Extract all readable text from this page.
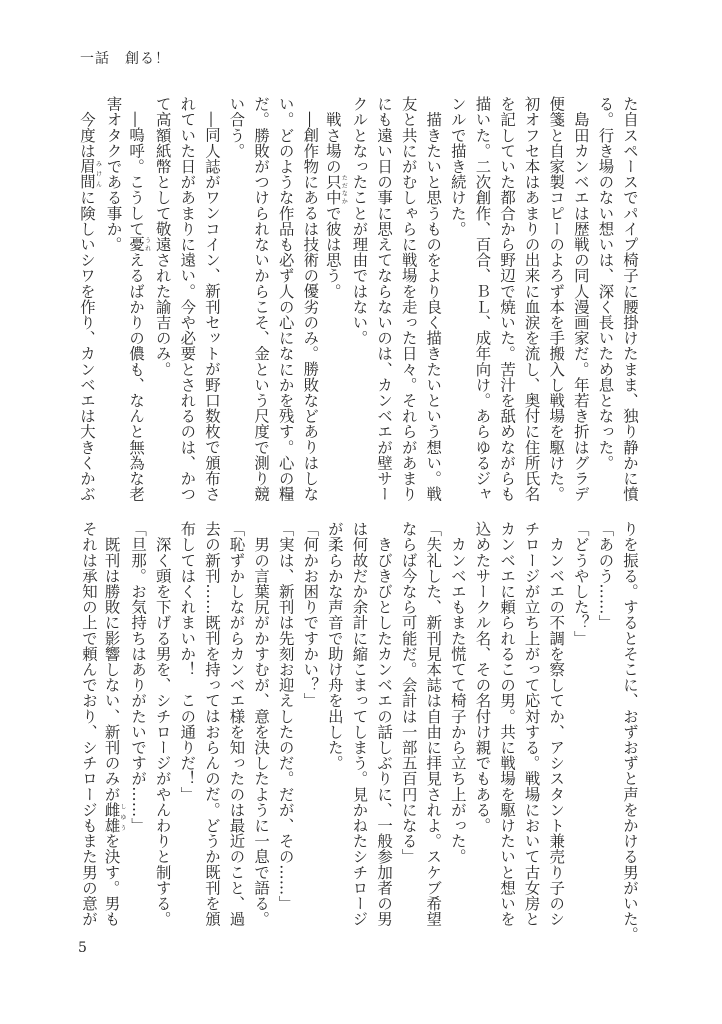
一話　創る！
た自スペースでパイプ椅子に腰掛けたまま、独り静かに憤
る。行き場のない想いは、深く長いため息となった。
　島田カンベエは歴戦の同人漫画家だ。年若き折はグラデ
便箋と自家製コピーのよろず本を手搬入し戦場を駆けた。
初オフセ本はあまりの出来に血涙を流し、奥付に住所氏名
を記していた都合から野辺で焼いた。苦汁を舐めながらも
描いた。二次創作、百合、ＢＬ、成年向け。あらゆるジャ
ンルで描き続けた。
　描きたいと思うものをより良く描きたいという想い。戦
友と共にがむしゃらに戦場を走った日々。それらがあまり
にも遠い日の事に思えてならないのは、カンベエが壁サー
クルとなったことが理由ではない。
　戦さ場の只中ただなかで彼は思う。
　―創作物にあるは技術の優劣のみ。勝敗などありはしな
い。どのような作品も必ず人の心になにかを残す。心の糧
だ。勝敗がつけられないからこそ、金という尺度で測り競
い合う。
　―同人誌がワンコイン、新刊セットが野口数枚で頒布さ
れていた日があまりに遠い。今や必要とされるのは、かつ
て高額紙幣として敬遠された諭吉のみ。
　―嗚呼。こうして憂うれえるばかりの儂も、なんと無為な老
害オタクである事か。
　今度は眉間みけんに険しいシワを作り、カンベエは大きくかぶ
りを振る。するとそこに、おずおずと声をかける男がいた。
「あのう……」
「どうやした？」
　カンベエの不調を察してか、アシスタント兼売り子のシ
チロージが立ち上がって応対する。戦場において古女房と
カンベエに頼られるこの男。共に戦場を駆けたいと想いを
込めたサークル名、その名付け親でもある。
　カンベエもまた慌てて椅子から立ち上がった。
「失礼した、新刊見本誌は自由に拝見されよ。スケブ希望
ならば今なら可能だ。会計は一部五百円になる」
　きびきびとしたカンベエの話しぶりに、一般参加者の男
は何故だか余計に縮こまってしまう。見かねたシチロージ
が柔らかな声音で助け舟を出した。
「何かお困りですかい？」
「実は、新刊は先刻お迎えしたのだ。だが、その……」
　男の言葉尻がかすむが、意を決したように一息で語る。
「恥ずかしながらカンベエ様を知ったのは最近のこと、過
去の新刊……既刊を持ってはおらんのだ。どうか既刊を頒
布してはくれまいか！　この通りだ！」
　深く頭を下げる男を、シチロージがやんわりと制する。
「旦那。お気持ちはありがたいですが……」
　既刊は勝敗に影響しない、新刊のみが雌雄しゆうを決す。男も
それは承知の上で頼んでおり、シチロージもまた男の意が
5
